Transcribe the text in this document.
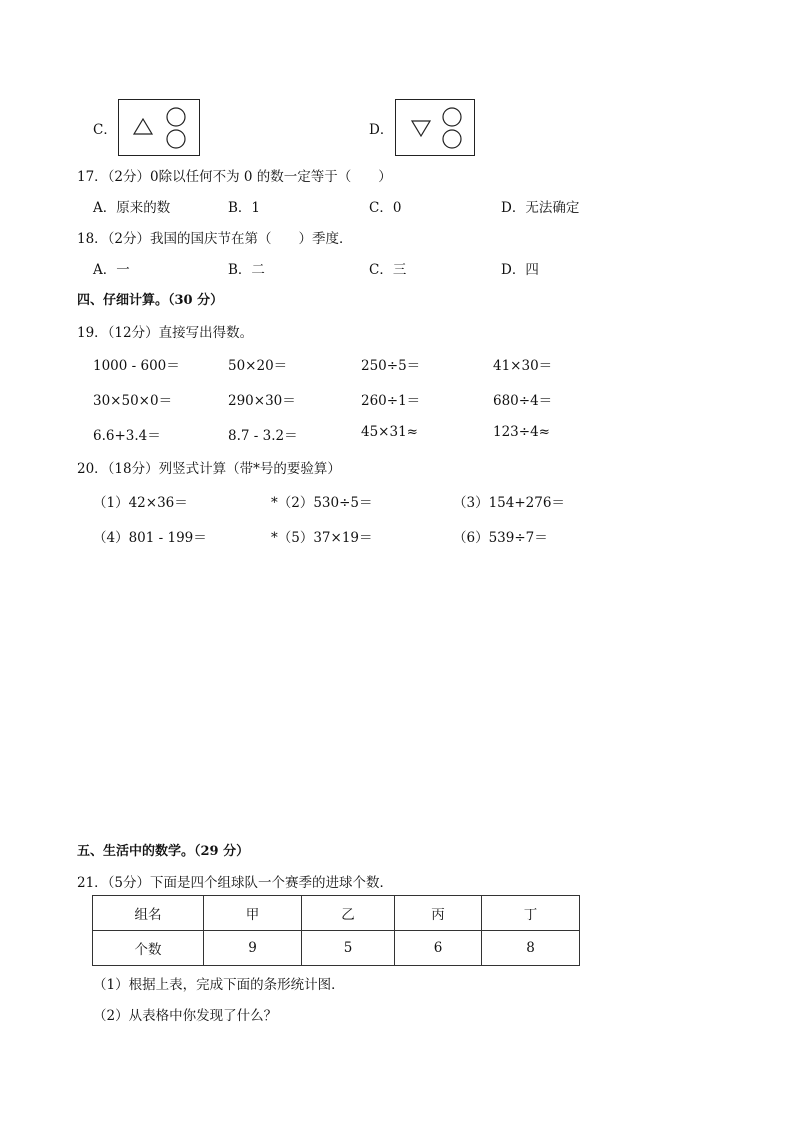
C．	D．
17．（2分）0除以任何不为 0 的数一定等于（　　）
A．原来的数	B．1	C．0	D．无法确定
18．（2分）我国的国庆节在第（　　）季度．
A．一	B．二	C．三	D．四
四、仔细计算。（30 分）
19．（12分）直接写出得数。
1000 - 600＝	50×20＝	250÷5＝	41×30＝
30×50×0＝	290×30＝	260÷1＝	680÷4＝
6.6+3.4＝	8.7 - 3.2＝	45×31≈	123÷4≈
20．（18分）列竖式计算（带*号的要验算）
（1）42×36＝	*（2）530÷5＝	（3）154+276＝
（4）801 - 199＝	*（5）37×19＝	（6）539÷7＝
五、生活中的数学。（29 分）
21．（5分）下面是四个组球队一个赛季的进球个数．
组名	甲	乙	丙	丁
个数	9	5	6	8
（1）根据上表，完成下面的条形统计图．
（2）从表格中你发现了什么？
